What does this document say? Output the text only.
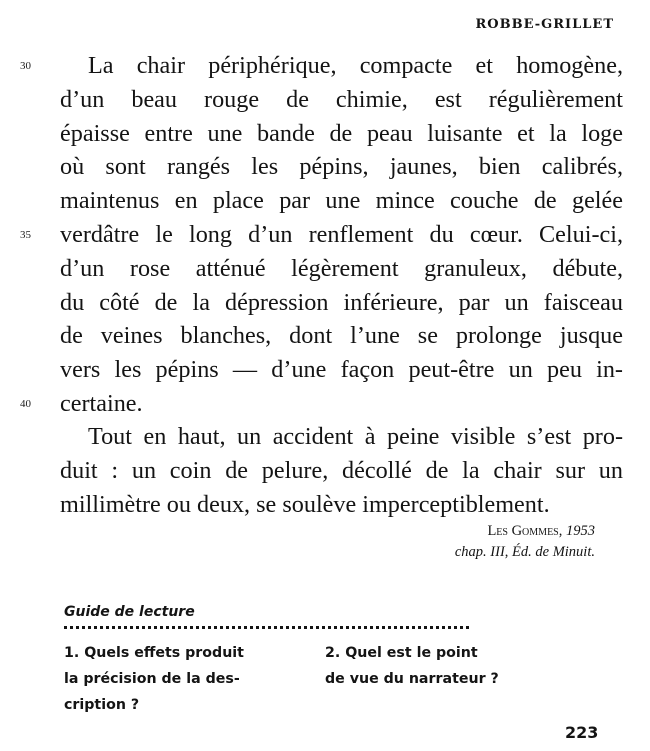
ROBBE-GRILLET
30
35
40
La chair périphérique, compacte et homogène,
d’un beau rouge de chimie, est régulièrement
épaisse entre une bande de peau luisante et la loge
où sont rangés les pépins, jaunes, bien calibrés,
maintenus en place par une mince couche de gelée
verdâtre le long d’un renflement du cœur. Celui-ci,
d’un rose atténué légèrement granuleux, débute,
du côté de la dépression inférieure, par un faisceau
de veines blanches, dont l’une se prolonge jusque
vers les pépins — d’une façon peut-être un peu in-
certaine.
Tout en haut, un accident à peine visible s’est pro-
duit : un coin de pelure, décollé de la chair sur un
millimètre ou deux, se soulève imperceptiblement.
Les Gommes, 1953
chap. III, Éd. de Minuit.
Guide de lecture
1. Quels effets produit
la précision de la des-
cription ?
2. Quel est le point
de vue du narrateur ?
223
